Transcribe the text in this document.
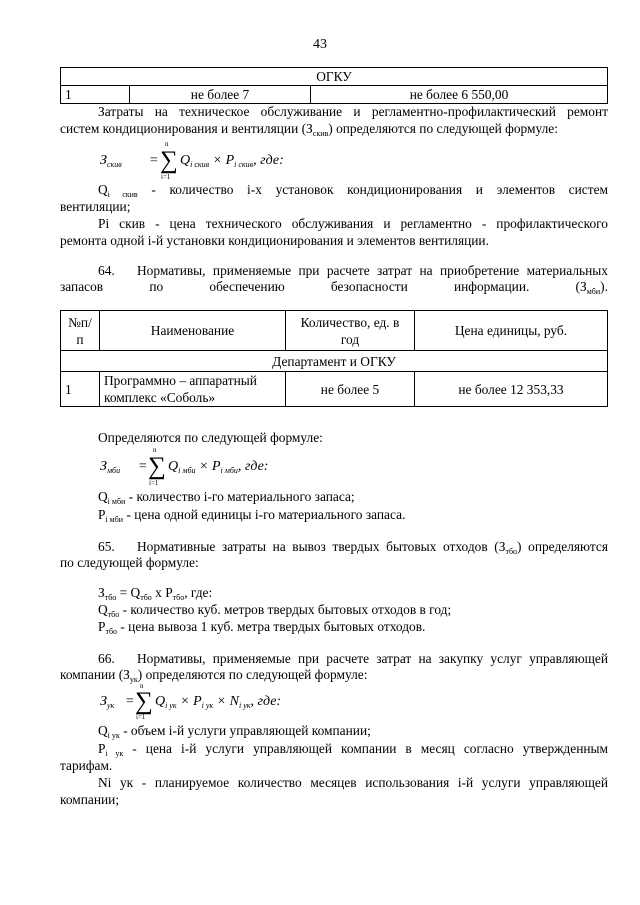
43
ОГКУ
1	не более 7	не более 6 550,00
Затраты на техническое обслуживание и регламентно-профилактический ремонт
систем кондиционирования и вентиляции $(З_{скив})$ определяются по следующей формуле:
$З_{скив}$ =
n
∑
i=1
$Q_{i скив} \times P_{i скив}$, где:
$Q_{i скив}$ - количество i-х установок кондиционирования и элементов систем
вентиляции;
Pi скив - цена технического обслуживания и регламентно - профилактического
ремонта одной i-й установки кондиционирования и элементов вентиляции.
64. Нормативы, применяемые при расчете затрат на приобретение материальных
запасов	по	обеспечению	безопасности	информации.	$(З_{мби})$.
№п/ п	Наименование	Количество, ед. в год	Цена единицы, руб.
Департамент и ОГКУ			
1	Программно – аппаратный комплекс «Соболь»	не более 5	не более 12 353,33
Определяются по следующей формуле:
$З_{мби}$ =
n
∑
i=1
$Q_{i мби} \times P_{i мби}$, где:
$Q_{i мби}$ - количество i-го материального запаса;
$P_{i мби}$ - цена одной единицы i-го материального запаса.
65. Нормативные затраты на вывоз твердых бытовых отходов $(З_{тбо})$ определяются
по следующей формуле:
$З_{тбо} = Q_{тбо}$ х $P_{тбо}$, где:
$Q_{тбо}$ - количество куб. метров твердых бытовых отходов в год;
$P_{тбо}$ - цена вывоза 1 куб. метра твердых бытовых отходов.
66. Нормативы, применяемые при расчете затрат на закупку услуг управляющей
компании $(З_{ук})$ определяются по следующей формуле:
$З_{ук}$ =
n
∑
i=1
$Q_{i ук} \times P_{i ук} \times N_{i ук}$, где:
$Q_{i ук}$ - объем i-й услуги управляющей компании;
$P_{i ук}$ - цена i-й услуги управляющей компании в месяц согласно утвержденным
тарифам.
Ni ук - планируемое количество месяцев использования i-й услуги управляющей
компании;
